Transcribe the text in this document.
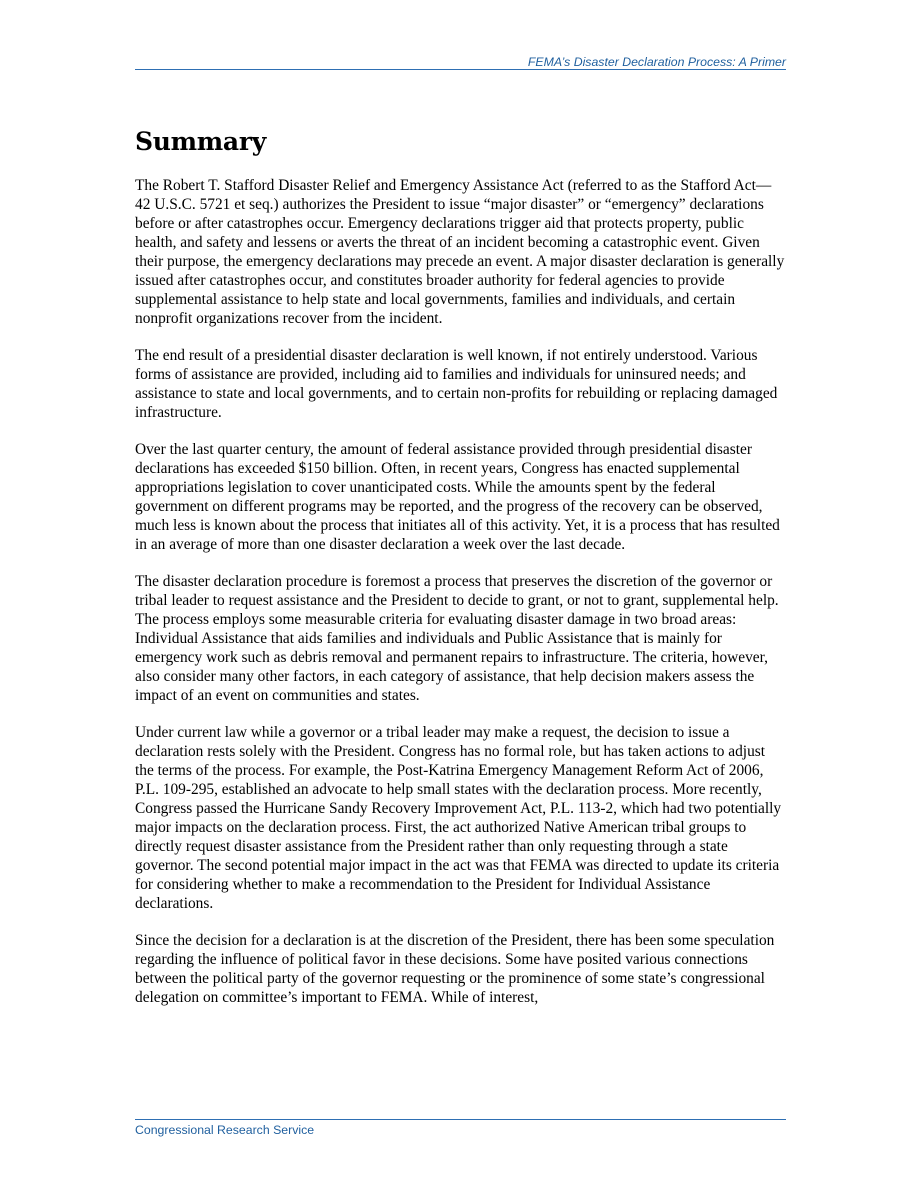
FEMA’s Disaster Declaration Process: A Primer
Summary

The Robert T. Stafford Disaster Relief and Emergency Assistance Act (referred to as the Stafford Act—42 U.S.C. 5721 et seq.) authorizes the President to issue “major disaster” or “emergency” declarations before or after catastrophes occur. Emergency declarations trigger aid that protects property, public health, and safety and lessens or averts the threat of an incident becoming a catastrophic event. Given their purpose, the emergency declarations may precede an event. A major disaster declaration is generally issued after catastrophes occur, and constitutes broader authority for federal agencies to provide supplemental assistance to help state and local governments, families and individuals, and certain nonprofit organizations recover from the incident.

The end result of a presidential disaster declaration is well known, if not entirely understood. Various forms of assistance are provided, including aid to families and individuals for uninsured needs; and assistance to state and local governments, and to certain non-profits for rebuilding or replacing damaged infrastructure.

Over the last quarter century, the amount of federal assistance provided through presidential disaster declarations has exceeded $150 billion. Often, in recent years, Congress has enacted supplemental appropriations legislation to cover unanticipated costs. While the amounts spent by the federal government on different programs may be reported, and the progress of the recovery can be observed, much less is known about the process that initiates all of this activity. Yet, it is a process that has resulted in an average of more than one disaster declaration a week over the last decade.

The disaster declaration procedure is foremost a process that preserves the discretion of the governor or tribal leader to request assistance and the President to decide to grant, or not to grant, supplemental help. The process employs some measurable criteria for evaluating disaster damage in two broad areas: Individual Assistance that aids families and individuals and Public Assistance that is mainly for emergency work such as debris removal and permanent repairs to infrastructure. The criteria, however, also consider many other factors, in each category of assistance, that help decision makers assess the impact of an event on communities and states.

Under current law while a governor or a tribal leader may make a request, the decision to issue a declaration rests solely with the President. Congress has no formal role, but has taken actions to adjust the terms of the process. For example, the Post-Katrina Emergency Management Reform Act of 2006, P.L. 109-295, established an advocate to help small states with the declaration process. More recently, Congress passed the Hurricane Sandy Recovery Improvement Act, P.L. 113-2, which had two potentially major impacts on the declaration process. First, the act authorized Native American tribal groups to directly request disaster assistance from the President rather than only requesting through a state governor. The second potential major impact in the act was that FEMA was directed to update its criteria for considering whether to make a recommendation to the President for Individual Assistance declarations.

Since the decision for a declaration is at the discretion of the President, there has been some speculation regarding the influence of political favor in these decisions. Some have posited various connections between the political party of the governor requesting or the prominence of some state’s congressional delegation on committee’s important to FEMA. While of interest,

Congressional Research Service
